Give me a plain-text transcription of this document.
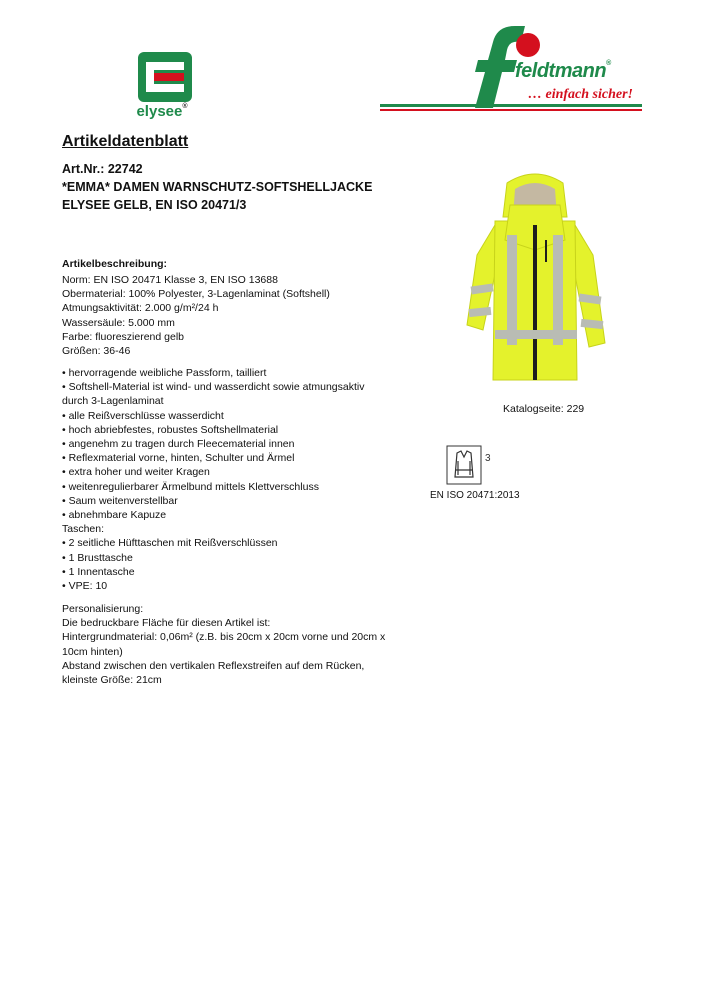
elysee®
feldtmann®
… einfach sicher!
Artikeldatenblatt
Art.Nr.: 22742
*EMMA* DAMEN WARNSCHUTZ-SOFTSHELLJACKE
ELYSEE GELB, EN ISO 20471/3
Artikelbeschreibung:
Norm: EN ISO 20471 Klasse 3, EN ISO 13688
Obermaterial: 100% Polyester, 3-Lagenlaminat (Softshell)
Atmungsaktivität: 2.000 g/m²/24 h
Wassersäule: 5.000 mm
Farbe: fluoreszierend gelb
Größen: 36-46
• hervorragende weibliche Passform, tailliert
• Softshell-Material ist wind- und wasserdicht sowie atmungsaktiv
durch 3-Lagenlaminat
• alle Reißverschlüsse wasserdicht
• hoch abriebfestes, robustes Softshellmaterial
• angenehm zu tragen durch Fleecematerial innen
• Reflexmaterial vorne, hinten, Schulter und Ärmel
• extra hoher und weiter Kragen
• weitenregulierbarer Ärmelbund mittels Klettverschluss
• Saum weitenverstellbar
• abnehmbare Kapuze
Taschen:
• 2 seitliche Hüfttaschen mit Reißverschlüssen
• 1 Brusttasche
• 1 Innentasche
• VPE: 10
Personalisierung:
Die bedruckbare Fläche für diesen Artikel ist:
Hintergrundmaterial: 0,06m² (z.B. bis 20cm x 20cm vorne und 20cm x 10cm hinten)
Abstand zwischen den vertikalen Reflexstreifen auf dem Rücken, kleinste Größe: 21cm
Katalogseite: 229
3
EN ISO 20471:2013
